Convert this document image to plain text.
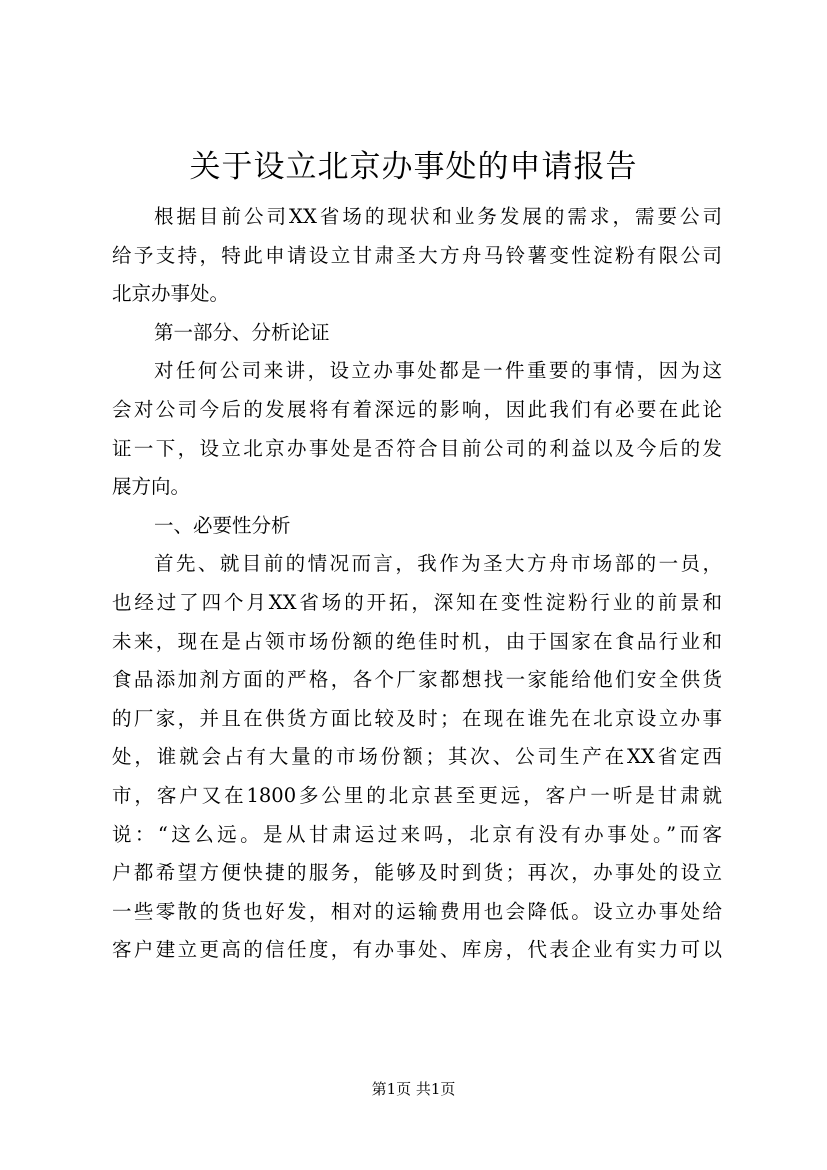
关于设立北京办事处的申请报告
根据目前公司XX省场的现状和业务发展的需求，需要公司
给予支持，特此申请设立甘肃圣大方舟马铃薯变性淀粉有限公司
北京办事处。
第一部分、分析论证
对任何公司来讲，设立办事处都是一件重要的事情，因为这
会对公司今后的发展将有着深远的影响，因此我们有必要在此论
证一下，设立北京办事处是否符合目前公司的利益以及今后的发
展方向。
一、必要性分析
首先、就目前的情况而言，我作为圣大方舟市场部的一员，
也经过了四个月XX省场的开拓，深知在变性淀粉行业的前景和
未来，现在是占领市场份额的绝佳时机，由于国家在食品行业和
食品添加剂方面的严格，各个厂家都想找一家能给他们安全供货
的厂家，并且在供货方面比较及时；在现在谁先在北京设立办事
处，谁就会占有大量的市场份额；其次、公司生产在XX省定西
市，客户又在1800多公里的北京甚至更远，客户一听是甘肃就
说：“这么远。是从甘肃运过来吗，北京有没有办事处。”而客
户都希望方便快捷的服务，能够及时到货；再次，办事处的设立
一些零散的货也好发，相对的运输费用也会降低。设立办事处给
客户建立更高的信任度，有办事处、库房，代表企业有实力可以
第1页 共1页
